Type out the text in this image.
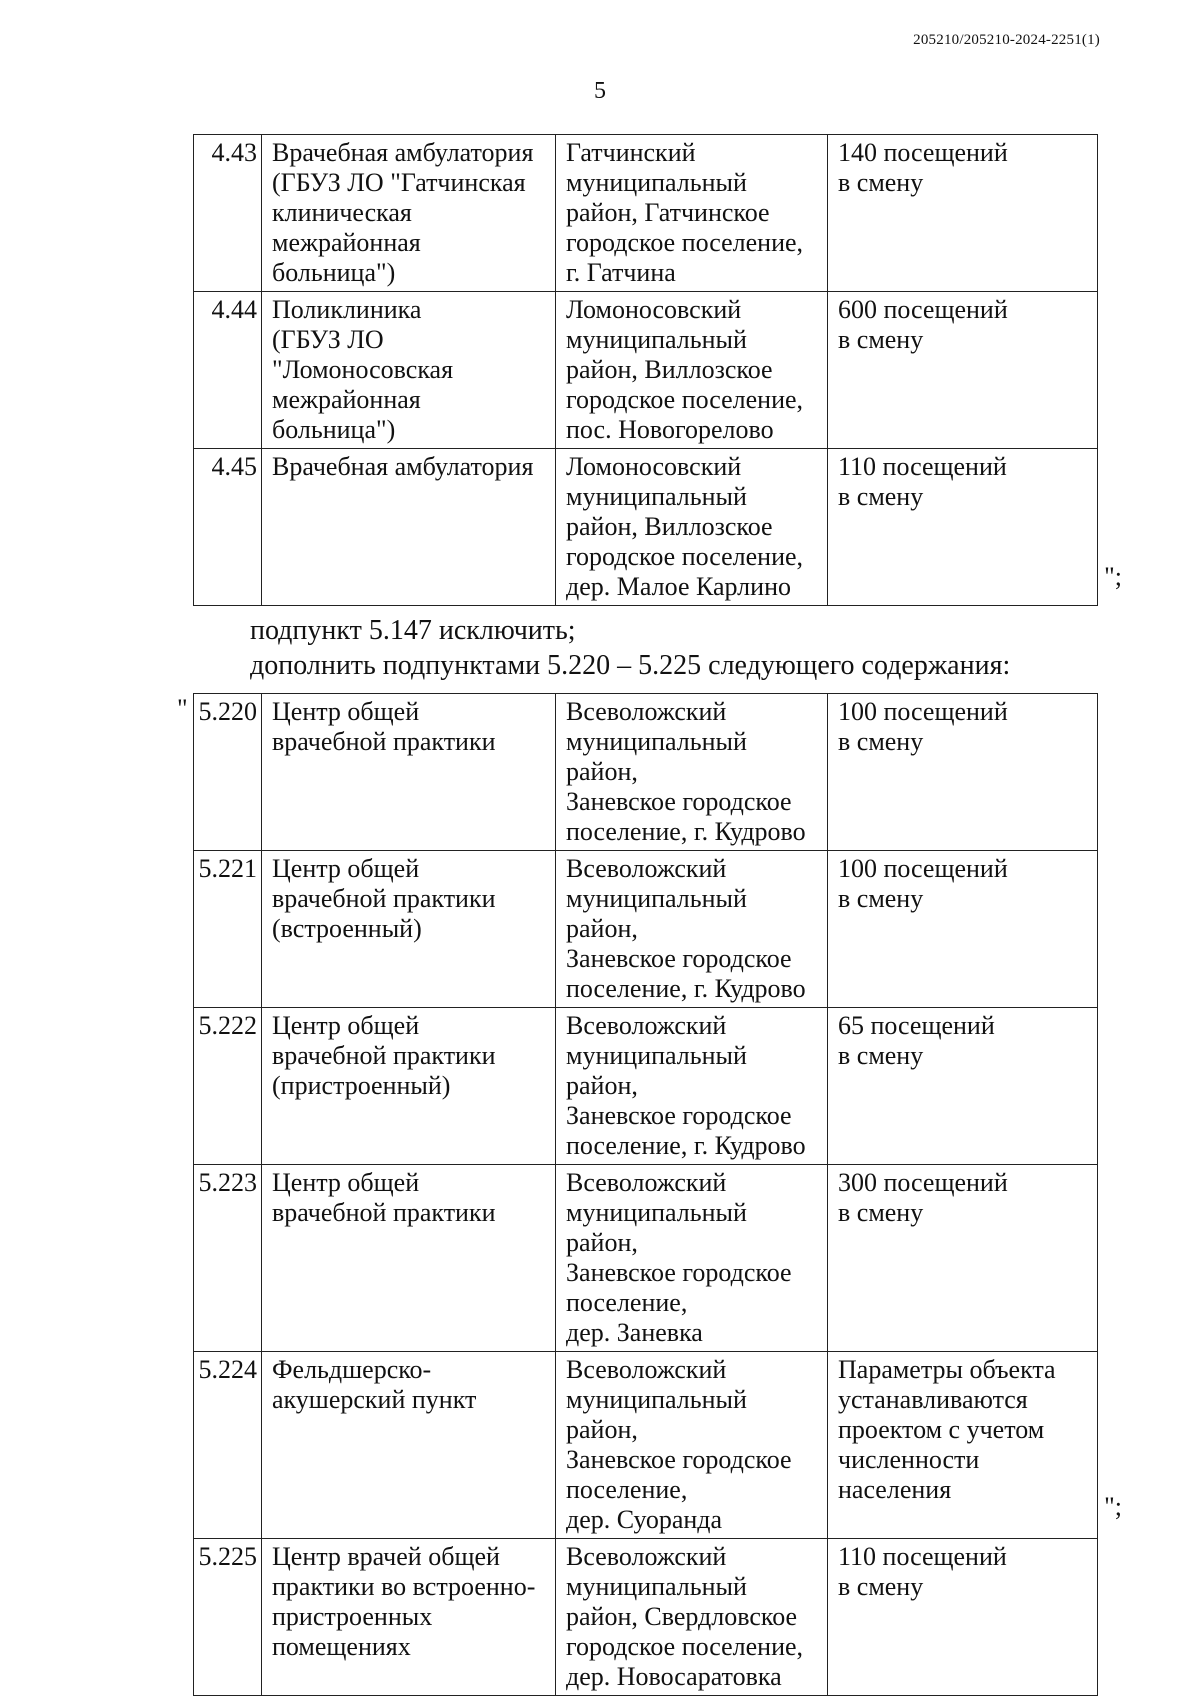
205210/205210-2024-2251(1)
5
4.43	Врачебная амбулатория
(ГБУЗ ЛО "Гатчинская
клиническая
межрайонная
больница")	Гатчинский
муниципальный
район, Гатчинское
городское поселение,
г. Гатчина	140 посещений
в смену
4.44	Поликлиника
(ГБУЗ ЛО
"Ломоносовская
межрайонная
больница")	Ломоносовский
муниципальный
район, Виллозское
городское поселение,
пос. Новогорелово	600 посещений
в смену
4.45	Врачебная амбулатория	Ломоносовский
муниципальный
район, Виллозское
городское поселение,
дер. Малое Карлино	110 посещений
в смену
";
подпункт 5.147 исключить;
дополнить подпунктами 5.220 – 5.225 следующего содержания:
" 5.220	Центр общей
врачебной практики	Всеволожский
муниципальный район,
Заневское городское
поселение, г. Кудрово	100 посещений
в смену
5.221	Центр общей
врачебной практики
(встроенный)	Всеволожский
муниципальный район,
Заневское городское
поселение, г. Кудрово	100 посещений
в смену
5.222	Центр общей
врачебной практики
(пристроенный)	Всеволожский
муниципальный район,
Заневское городское
поселение, г. Кудрово	65 посещений
в смену
5.223	Центр общей
врачебной практики	Всеволожский
муниципальный район,
Заневское городское
поселение,
дер. Заневка	300 посещений
в смену
5.224	Фельдшерско-
акушерский пункт	Всеволожский
муниципальный район,
Заневское городское
поселение,
дер. Суоранда	Параметры объекта
устанавливаются
проектом с учетом
численности
населения
5.225	Центр врачей общей
практики во встроенно-
пристроенных
помещениях	Всеволожский
муниципальный
район, Свердловское
городское поселение,
дер. Новосаратовка	110 посещений
в смену
";
